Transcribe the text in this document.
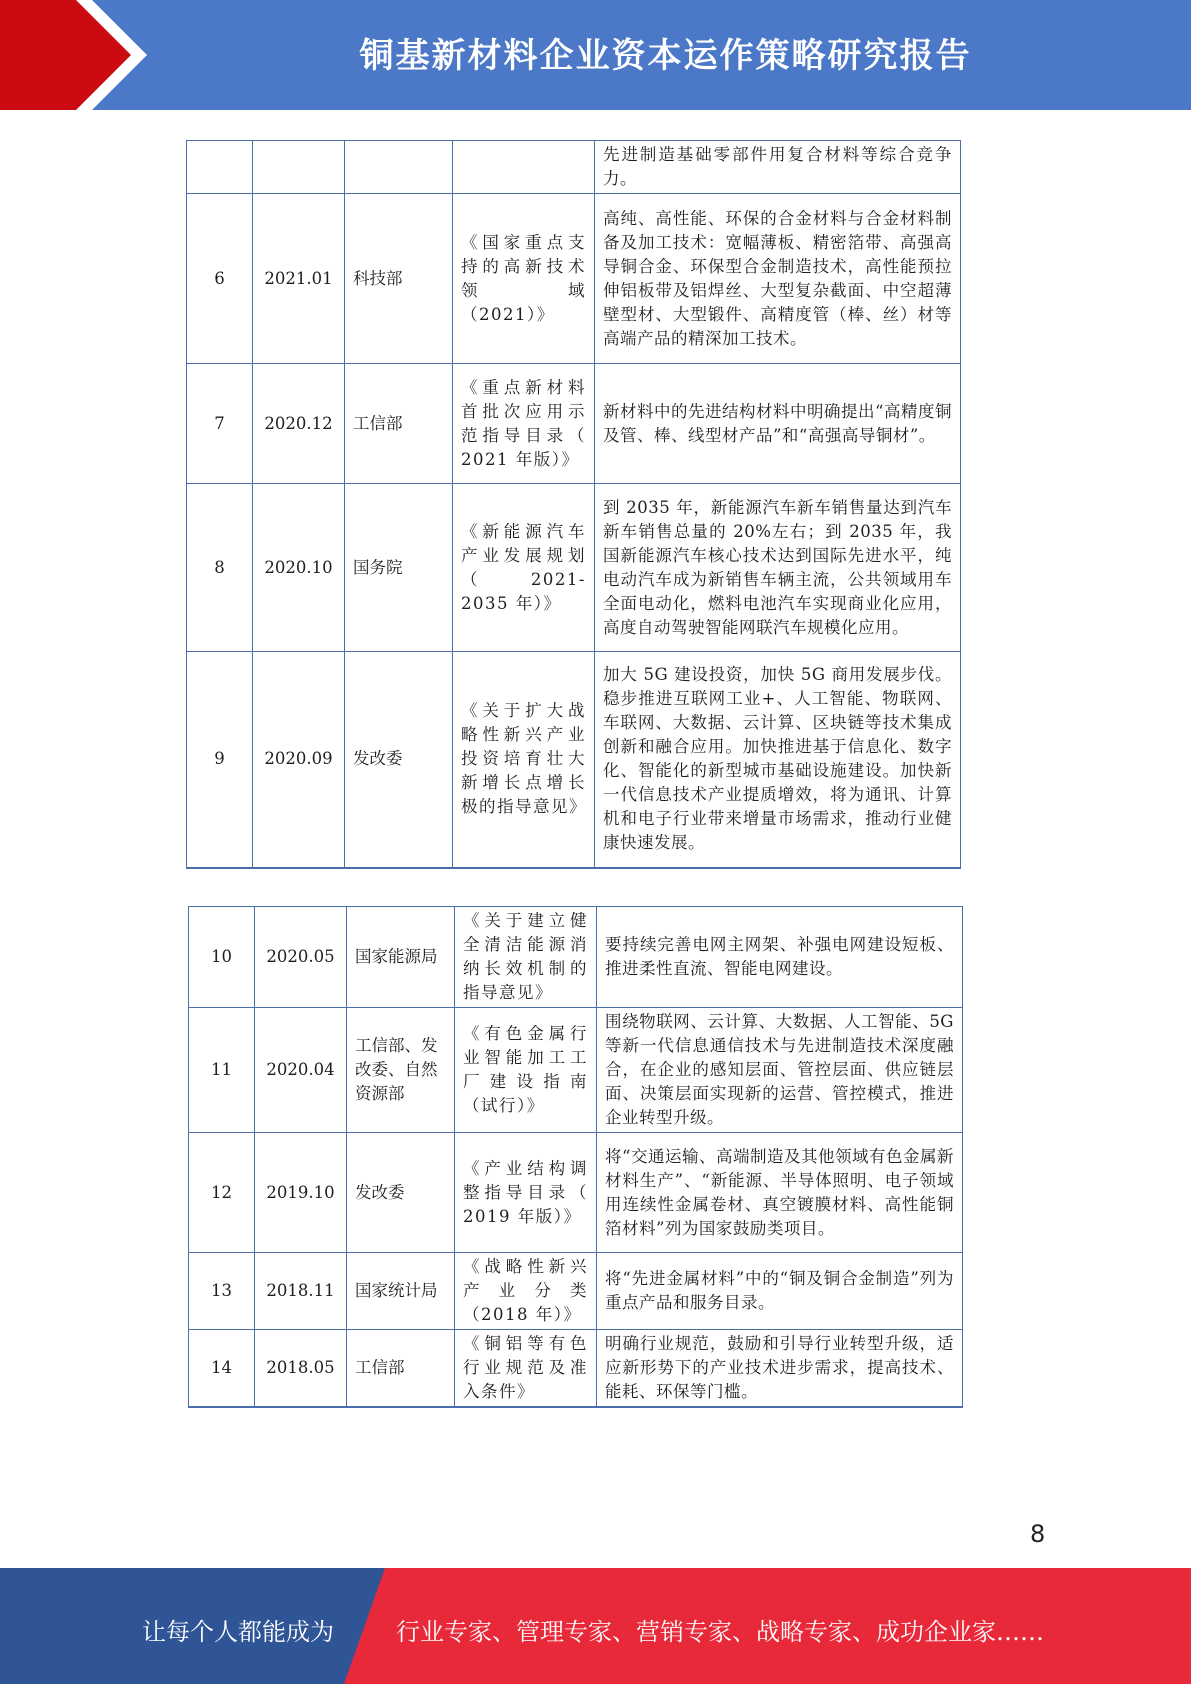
铜基新材料企业资本运作策略研究报告
				先进制造基础零部件用复合材料等综合竞争力。
6	2021.01	科技部	《国家重点支持的高新技术领 域（2021）》	高纯、高性能、环保的合金材料与合金材料制备及加工技术：宽幅薄板、精密箔带、高强高导铜合金、环保型合金制造技术，高性能预拉伸铝板带及铝焊丝、大型复杂截面、中空超薄壁型材、大型锻件、高精度管（棒、丝）材等高端产品的精深加工技术。
7	2020.12	工信部	《重点新材料首批次应用示范指导目录（ 2021 年版）》	新材料中的先进结构材料中明确提出“高精度铜及管、棒、线型材产品”和“高强高导铜材”。
8	2020.10	国务院	《新能源汽车产业发展规划（ 2021-2035 年）》	到 2035 年，新能源汽车新车销售量达到汽车新车销售总量的 20%左右；到 2035 年，我国新能源汽车核心技术达到国际先进水平，纯电动汽车成为新销售车辆主流，公共领域用车全面电动化，燃料电池汽车实现商业化应用，高度自动驾驶智能网联汽车规模化应用。
9	2020.09	发改委	《关于扩大战略性新兴产业投资培育壮大新增长点增长极的指导意见》	加大 5G 建设投资，加快 5G 商用发展步伐。稳步推进互联网工业+、人工智能、物联网、车联网、大数据、云计算、区块链等技术集成创新和融合应用。加快推进基于信息化、数字化、智能化的新型城市基础设施建设。加快新一代信息技术产业提质增效，将为通讯、计算机和电子行业带来增量市场需求，推动行业健康快速发展。
10	2020.05	国家能源局	《关于建立健全清洁能源消纳长效机制的指导意见》	要持续完善电网主网架、补强电网建设短板、推进柔性直流、智能电网建设。
11	2020.04	工信部、发改委、自然资源部	《有色金属行业智能加工工厂建设指南（试行）》	围绕物联网、云计算、大数据、人工智能、5G 等新一代信息通信技术与先进制造技术深度融合，在企业的感知层面、管控层面、供应链层面、决策层面实现新的运营、管控模式，推进企业转型升级。
12	2019.10	发改委	《产业结构调整指导目录（ 2019 年版）》	将“交通运输、高端制造及其他领域有色金属新材料生产”、“新能源、半导体照明、电子领域用连续性金属卷材、真空镀膜材料、高性能铜箔材料”列为国家鼓励类项目。
13	2018.11	国家统计局	《战略性新兴产业分类（2018 年）》	将“先进金属材料”中的“铜及铜合金制造”列为重点产品和服务目录。
14	2018.05	工信部	《铜铝等有色行业规范及准入条件》	明确行业规范，鼓励和引导行业转型升级，适应新形势下的产业技术进步需求，提高技术、能耗、环保等门槛。
8
让每个人都能成为	行业专家、管理专家、营销专家、战略专家、成功企业家……
